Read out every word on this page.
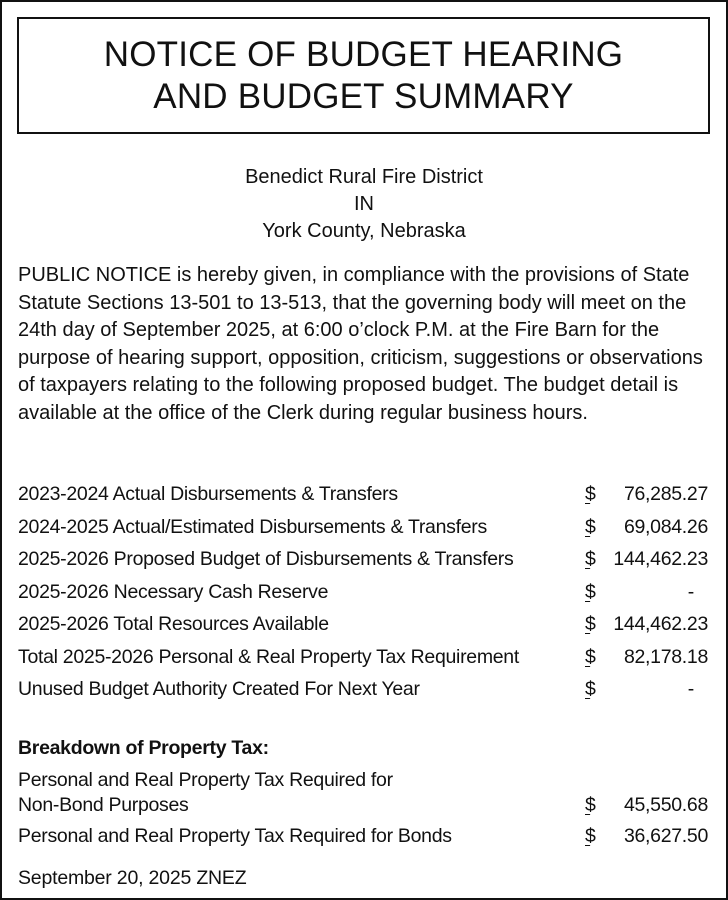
NOTICE OF BUDGET HEARING
AND BUDGET SUMMARY
Benedict Rural Fire District
IN
York County, Nebraska
PUBLIC NOTICE is hereby given, in compliance with the provisions of State Statute Sections 13-501 to 13-513, that the governing body will meet on the 24th day of September 2025, at 6:00 o’clock P.M. at the Fire Barn for the purpose of hearing support, opposition, criticism, suggestions or observations of taxpayers relating to the following proposed budget. The budget detail is available at the office of the Clerk during regular business hours.
2023-2024 Actual Disbursements & Transfers
	$ 76,285.27
2024-2025 Actual/Estimated Disbursements & Transfers
	$ 69,084.26
2025-2026 Proposed Budget of Disbursements & Transfers
	$ 144,462.23
2025-2026 Necessary Cash Reserve
	$	-
2025-2026 Total Resources Available
	$ 144,462.23
Total 2025-2026 Personal & Real Property Tax Requirement
	$ 82,178.18
Unused Budget Authority Created For Next Year
	$	-
Breakdown of Property Tax:
Personal and Real Property Tax Required for
Non-Bond Purposes
	$ 45,550.68
Personal and Real Property Tax Required for Bonds
	$ 36,627.50
September 20, 2025 ZNEZ
